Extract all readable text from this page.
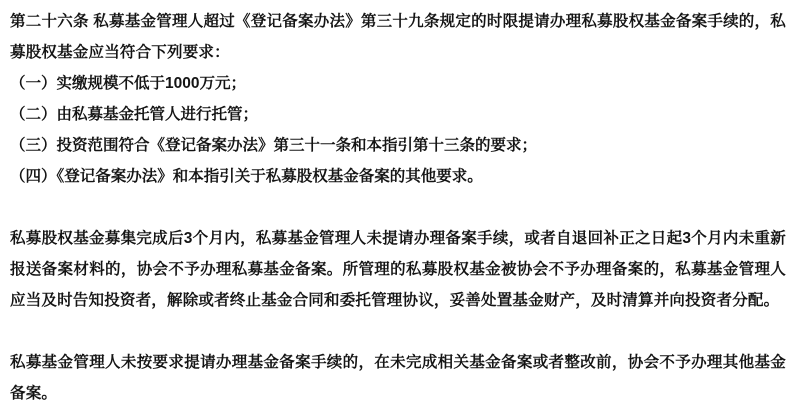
第二十六条 私募基金管理人超过《登记备案办法》第三十九条规定的时限提请办理私募股权基金备案手续的，私募股权基金应当符合下列要求：

（一）实缴规模不低于1000万元；

（二）由私募基金托管人进行托管；

（三）投资范围符合《登记备案办法》第三十一条和本指引第十三条的要求；

（四）《登记备案办法》和本指引关于私募股权基金备案的其他要求。

私募股权基金募集完成后3个月内，私募基金管理人未提请办理备案手续，或者自退回补正之日起3个月内未重新报送备案材料的，协会不予办理私募基金备案。所管理的私募股权基金被协会不予办理备案的，私募基金管理人应当及时告知投资者，解除或者终止基金合同和委托管理协议，妥善处置基金财产，及时清算并向投资者分配。

私募基金管理人未按要求提请办理基金备案手续的，在未完成相关基金备案或者整改前，协会不予办理其他基金备案。
